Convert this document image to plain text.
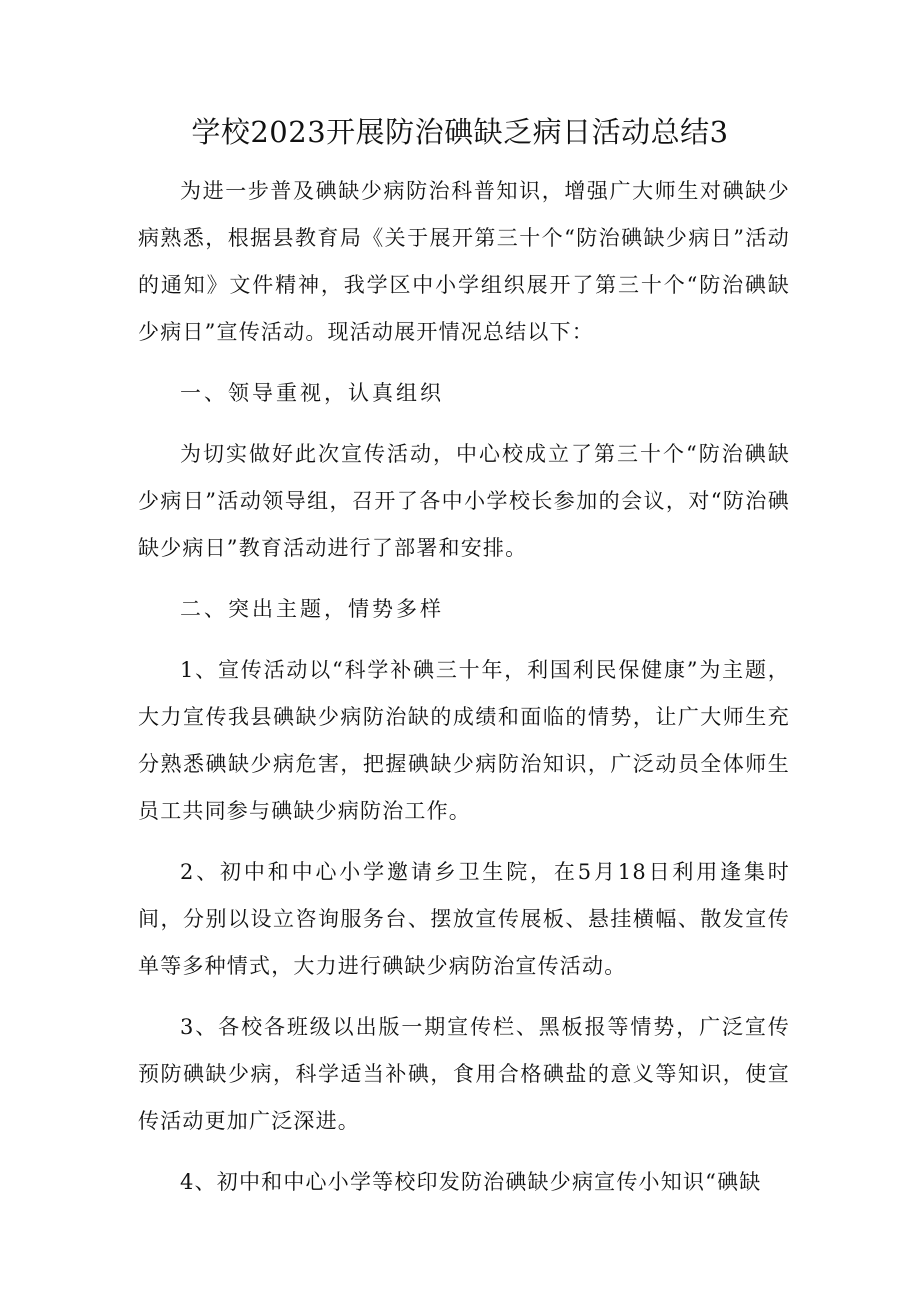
学校2023开展防治碘缺乏病日活动总结3

为进一步普及碘缺少病防治科普知识，增强广大师生对碘缺少病熟悉，根据县教育局《关于展开第三十个“防治碘缺少病日”活动的通知》文件精神，我学区中小学组织展开了第三十个“防治碘缺少病日”宣传活动。现活动展开情况总结以下：

一、领导重视，认真组织

为切实做好此次宣传活动，中心校成立了第三十个“防治碘缺少病日”活动领导组，召开了各中小学校长参加的会议，对“防治碘缺少病日”教育活动进行了部署和安排。

二、突出主题，情势多样

1、宣传活动以“科学补碘三十年，利国利民保健康”为主题，大力宣传我县碘缺少病防治缺的成绩和面临的情势，让广大师生充分熟悉碘缺少病危害，把握碘缺少病防治知识，广泛动员全体师生员工共同参与碘缺少病防治工作。

2、初中和中心小学邀请乡卫生院，在5月18日利用逢集时间，分别以设立咨询服务台、摆放宣传展板、悬挂横幅、散发宣传单等多种情式，大力进行碘缺少病防治宣传活动。

3、各校各班级以出版一期宣传栏、黑板报等情势，广泛宣传预防碘缺少病，科学适当补碘，食用合格碘盐的意义等知识，使宣传活动更加广泛深进。

4、初中和中心小学等校印发防治碘缺少病宣传小知识“碘缺
